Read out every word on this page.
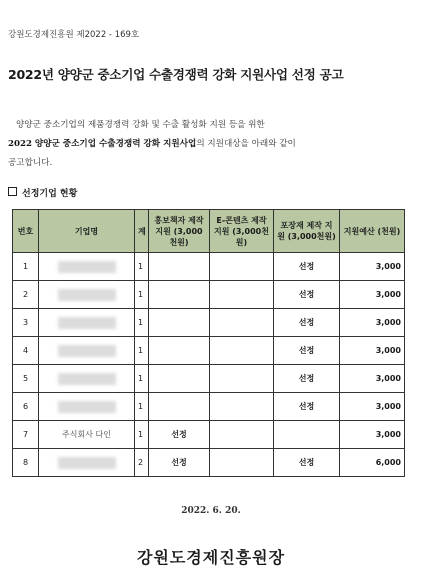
강원도경제진흥원 제2022 - 169호
2022년 양양군 중소기업 수출경쟁력 강화 지원사업 선정 공고
양양군 중소기업의 제품경쟁력 강화 및 수출 활성화 지원 등을 위한
2022 양양군 중소기업 수출경쟁력 강화 지원사업의 지원대상을 아래와 같이
공고합니다.
선정기업 현황
번호	기업명	계	홍보책자 제작 지원 (3,000천원)	E-콘텐츠 제작 지원 (3,000천원)	포장재 제작 지원 (3,000천원)	지원예산 (천원)
1		1			선정	3,000
2		1			선정	3,000
3		1			선정	3,000
4		1			선정	3,000
5		1			선정	3,000
6		1			선정	3,000
7	주식회사 다인	1	선정			3,000
8		2	선정		선정	6,000
2022. 6. 20.
강원도경제진흥원장
